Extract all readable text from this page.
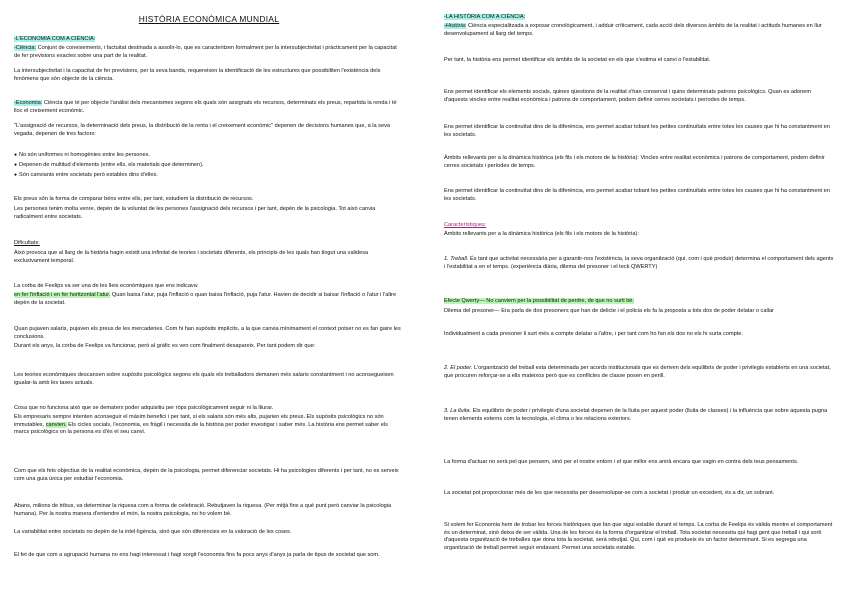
HISTÒRIA ECONÒMICA MUNDIAL
-L'ECONOMIA COM A CIÈNCIA:
-Ciència: Conjunt de coneixements, i factuitat destinada a assolir-lo, que es caracteritzen formalment per la intersubjectivitat i pràcticament per la capacitat de fer previsions exactes sobre una part de la realitat.
La intersubjectivitat i la capacitat de fer previsions, per la seva banda, requereixen la identificació de les estructures que possibiliten l'existència dels fenòmens que són objecte de la ciència.
-Economia: Ciència que té per objecte l'anàlisi dels mecanismes segons els quals són assignats els recursos, determinats els preus, repartida la renda i té lloc el creixement econòmic.
"L'assignació de recursos, la determinació dels preus, la distribució de la renta i el creixement econòmic" depenen de decisions humanes que, a la seva vegada, depenen de tres factors:
● No són uniformes ni homogènies entre les persones.
● Depenen de multitud d'elements (entre ells, els materials que determinen).
● Són canviants entre societats però estables dins d'elles.
Els preus són la forma de comparar béns entre ells, per tant, estudiem la distribució de recursos.
Les persones tenim molta venre, depèn de la voluntat de les persones l'assignació dels recursos i per tant, depèn de la psicologia. Tot això canvia radicalment entre societats.
Dificultats:
Això provoca que al llarg de la història hagin existit una infinitat de teories i societats diferents, els principis de les quals han tingut una validesa exclusivament temporal.
La corba de Feelips va ser una de les lleis econòmiques que ens indicava:
en fer l'inflació i en fer horitzontal l'atur. Quan baixa l'atur, puja l'inflació o quan baixa l'inflació, puja l'atur. Havien de decidir si baixar l'inflació o l'atur i l'altre depèn de la societat.
Quan pujaven salaris, pujaven els preus de les mercaderies. Com hi han supòsits implícits, a la que canvia mínimament el context potser no es fan gaire les conclusions.
Durant els anys, la corba de Feelips va funcionar, però al gràfic es ven com finalment desapareix. Per tant podem dir que:
Les teories econòmiques descansen sobre supòsits psicològics segons els quals els treballadors demanen més salaris constantment i no aconsegueixen igualar-la amb les taxes actuals.
Cosa que no funciona això que se dematerx poder adquisitiu per ròps psicològicament seguir ni la lliurar.
Els empresaris sempre intenten aconseguir el màxim benefici i per tant, si els salaris són més alts, pujarien els preus. Els supòsits psicològics no són immutables, canvien. Els cicles socials, l'economia, es fràgil i necessita de la història per poder investigar i saber més. La història ens permet saber els marcs psicològics on la persona es d'és el seu canvi.
Com que els fets objectius de la realitat econòmica, depèn de la psicologia, permet diferenciar societats. Hi ha psicologies diferents i per tant, no es serveix com una guia única per estudiar l'economia.
Abans, milions de tribus, va determinar la riquesa com a forma de celebració. Rebutjaven la riquesa. (Per mitjà fins a què punt però canviar la psicologia humana). Per la nostra manera d'entendre el món, la nostra psicologia, no ho volem bé.
La variabilitat entre societats no depèn de la intel·ligència, sinó que són diferències en la valoració de les coses.
El fet de que com a agrupació humana no ens hagi interessat i hagi sorgit l'economia fins fa pocs anys d'anys ja parla de tipus de societat que som.
-LA HISTÒRIA COM A CIÈNCIA:
-Història: Ciència especialitzada a exposar cronològicament, i adduir críticament, cada acció dels diversos àmbits de la realitat i actituds humanes en llur desenvolupament al llarg del temps.
Per tant, la història ens permet identificar els àmbits de la societat en els que s'estima el canvi o l'estabilitat.
Ens permet identificar els elements socials, quines qüestions de la realitat s'han conservat i quins determinats patrons psicològics. Quan es adonem d'aquests vincles entre realitat econòmica i patrons de comportament, podem definir cerres societats i períodes de temps.
Ens permet identificar la continuïtat dins de la diferència, ens permet acabar tobant les petites continuïtats entre totes les causes que hi ha constantment en les societats.
Àmbits rellevants per a la dinàmica històrica (els fils i els motors de la història): Vincles entre realitat econòmica i patrons de comportament, podem definir cerres societats i períodes de temps.
Ens permet identificar la continuïtat dins de la diferència, ens permet acabar tobant les petites continuïtats entre totes les causes que hi ha constantment en les societats.
Característiques:
Àmbits rellevants per a la dinàmica històrica (els fils i els motors de la història):
1. Treball. És tant que activitat necessària per a garantir-nos l'existència, la seva organització (qui, com i què produir) determina el comportament dels agents i l'estabilitat a en el temps. (experiència diària, dilema del presoner i el teck QWERTY)
Efecte Qwerty— No canviem per la possibilitat de perdre, de que no surti bé.
Dilema del presoner— Era parla de dos presoners que han de delicte i el policia els fa la proposta a tots dos de poder delatar o callar
Individualment a cada presoner li surt més a compte delatar a l'altre, i per tant com ho fan els dos no els hi surta compte.
2. El poder. L'organització del treball esta determinada per acords institucionals que es deriven dels equilibris de poder i privilegis establerts en una societat, que procuren reforçar-se a ells mateixos però que es conflictes de classe posen en perill.
3. La lluita. Els equilibris de poder i privilegis d'una societat depenen de la lluita per aquest poder (lluita de classes) i la influència que sobre aquesta pugna tenen elements externs com la tecnologia, el clima o les relacions exteriors.
La forma d'actuar no serà pel que pensem, sinó per el nostre entorn i el que millor ens anirà encara que vagin en contra dels teus pensaments.
La societat pot proporcionar més de les que necessita per desenvolupar-se com a societat i produir un excedent, és a dir, un sobrant.
Si volem fer Economia hem de trobar les forces històriques que fan que sigui estable durant el temps. La corba de Feelips és vàlida mentre el comportament és un determinat, sinó deixa de ser vàlida. Una de les forces és la forma d'organitzar el treball. Tota societat necessita qui hagi gent que treball i qui sorti d'aquesta organització de treballes que dona tota la societat, serà rebutjat. Qui, com i què es produeix és un factor determinant. Si es segrega una organització de treball permet seguir endavant. Permet una societats estable.
